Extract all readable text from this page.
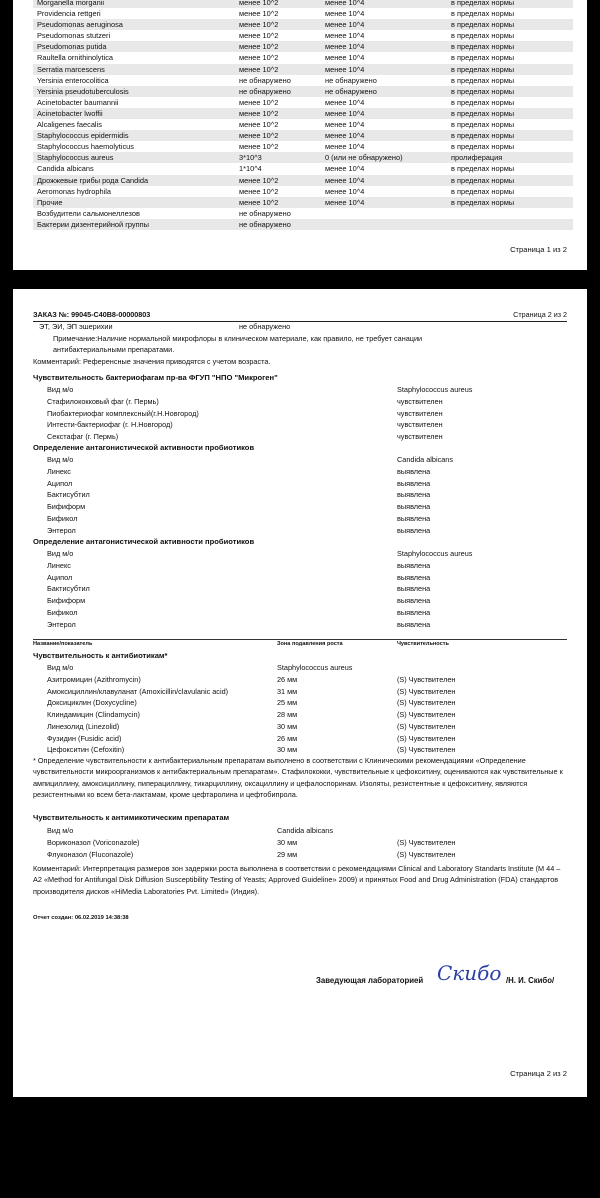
Morganella morganii	менее 10^2	менее 10^4	в пределах нормы
Providencia rettgeri	менее 10^2	менее 10^4	в пределах нормы
Pseudomonas aeruginosa	менее 10^2	менее 10^4	в пределах нормы
Pseudomonas stutzeri	менее 10^2	менее 10^4	в пределах нормы
Pseudomonas putida	менее 10^2	менее 10^4	в пределах нормы
Raultella ornithinolytica	менее 10^2	менее 10^4	в пределах нормы
Serratia marcescens	менее 10^2	менее 10^4	в пределах нормы
Yersinia enterocolitica	не обнаружено	не обнаружено	в пределах нормы
Yersinia pseudotuberculosis	не обнаружено	не обнаружено	в пределах нормы
Acinetobacter baumannii	менее 10^2	менее 10^4	в пределах нормы
Acinetobacter lwoffii	менее 10^2	менее 10^4	в пределах нормы
Alcaligenes faecalis	менее 10^2	менее 10^4	в пределах нормы
Staphylococcus epidermidis	менее 10^2	менее 10^4	в пределах нормы
Staphylococcus haemolyticus	менее 10^2	менее 10^4	в пределах нормы
Staphylococcus aureus	3*10^3	0 (или не обнаружено)	пролиферация
Candida albicans	1*10^4	менее 10^4	в пределах нормы
Дрожжевые грибы рода Candida	менее 10^2	менее 10^4	в пределах нормы
Aeromonas hydrophila	менее 10^2	менее 10^4	в пределах нормы
Прочие	менее 10^2	менее 10^4	в пределах нормы
Возбудители сальмонеллезов	не обнаружено
Бактерии дизентерийной группы	не обнаружено
Страница 1 из 2
ЗАКАЗ №: 99045-C40B8-00000803	Страница 2 из 2
ЭТ, ЭИ, ЭП эшерихии	не обнаружено
Примечание:Наличие нормальной микрофлоры в клиническом материале, как правило, не требует санации
антибактериальными препаратами.
Комментарий: Референсные значения приводятся с учетом возраста.
Чувствительность бактериофагам пр-ва ФГУП "НПО "Микроген"
Вид м/о	Staphylococcus aureus
Стафилококковый фаг (г. Пермь)	чувствителен
Пиобактериофаг комплексный(г.Н.Новгород)	чувствителен
Интести-бактериофаг (г. Н.Новгород)	чувствителен
Секстафаг (г. Пермь)	чувствителен
Определение антагонистической активности пробиотиков
Вид м/о	Candida albicans
Линекс	выявлена
Аципол	выявлена
Бактисубтил	выявлена
Бифиформ	выявлена
Бификол	выявлена
Энтерол	выявлена
Определение антагонистической активности пробиотиков
Вид м/о	Staphylococcus aureus
Линекс	выявлена
Аципол	выявлена
Бактисубтил	выявлена
Бифиформ	выявлена
Бификол	выявлена
Энтерол	выявлена
Название/показатель	Зона подавления роста	Чувствительность
Чувствительность к антибиотикам*
Вид м/о	Staphylococcus aureus
Азитромицин (Azithromycin)	26 мм	(S) Чувствителен
Амоксициллин/клавуланат (Amoxicillin/clavulanic acid)	31 мм	(S) Чувствителен
Доксициклин (Doxycycline)	25 мм	(S) Чувствителен
Клиндамицин (Clindamycin)	28 мм	(S) Чувствителен
Линезолид (Linezolid)	30 мм	(S) Чувствителен
Фузидин (Fusidic acid)	26 мм	(S) Чувствителен
Цефокситин (Cefoxitin)	30 мм	(S) Чувствителен
* Определение чувствительности к антибактериальным препаратам выполнено в соответствии с Клиническими рекомендациями «Определение чувствительности микроорганизмов к антибактериальным препаратам». Стафилококки, чувствительные к цефокситину, оцениваются как чувствительные к ампициллину, амоксициллину, пиперациллину, тикарциллину, оксациллину и цефалоспоринам. Изоляты, резистентные к цефокситину, являются резистентными ко всем бета-лактамам, кроме цефтаролина и цефтобипрола.
Чувствительность к антимикотическим препаратам
Вид м/о	Candida albicans
Вориконазол (Voriconazole)	30 мм	(S) Чувствителен
Флуконазол (Fluconazole)	29 мм	(S) Чувствителен
Комментарий: Интерпретация размеров зон задержки роста выполнена в соответствии с рекомендациями Clinical and Laboratory Standarts Institute (M 44 – A2 «Method for Antifungal Disk Diffusion Susceptibility Testing of Yeasts; Approved Guideline» 2009) и принятых Food and Drug Administration (FDA) стандартов производителя дисков «HiMedia Laboratories Pvt. Limited» (Индия).
Отчет создан: 06.02.2019 14:38:38
Заведующая лабораторией Скибо /Н. И. Скибо/
Страница 2 из 2
